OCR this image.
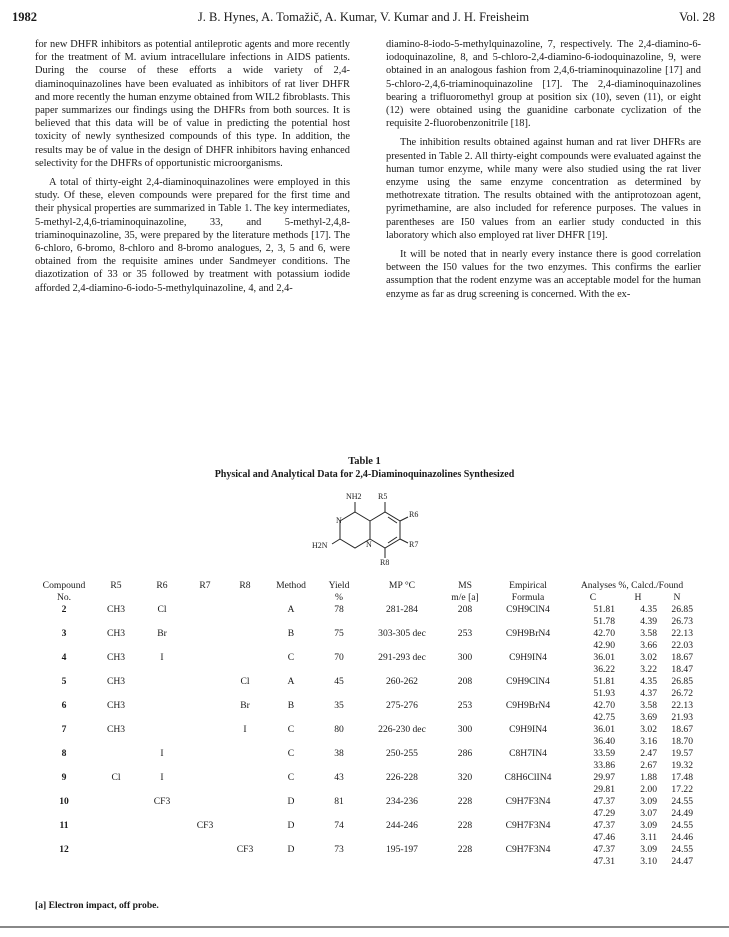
1982	J. B. Hynes, A. Tomažič, A. Kumar, V. Kumar and J. H. Freisheim	Vol. 28

for new DHFR inhibitors as potential antileprotic agents and more recently for the treatment of M. avium intracellulare infections in AIDS patients. During the course of these efforts a wide variety of 2,4-diaminoquinazolines have been evaluated as inhibitors of rat liver DHFR and more recently the human enzyme obtained from WIL2 fibroblasts. This paper summarizes our findings using the DHFRs from both sources. It is believed that this data will be of value in predicting the potential host toxicity of newly synthesized compounds of this type. In addition, the results may be of value in the design of DHFR inhibitors having enhanced selectivity for the DHFRs of opportunistic microorganisms.

A total of thirty-eight 2,4-diaminoquinazolines were employed in this study. Of these, eleven compounds were prepared for the first time and their physical properties are summarized in Table 1. The key intermediates, 5-methyl-2,4,6-triaminoquinazoline, 33, and 5-methyl-2,4,8-triaminoquinazoline, 35, were prepared by the literature methods [17]. The 6-chloro, 6-bromo, 8-chloro and 8-bromo analogues, 2, 3, 5 and 6, were obtained from the requisite amines under Sandmeyer conditions. The diazotization of 33 or 35 followed by treatment with potassium iodide afforded 2,4-diamino-6-iodo-5-methylquinazoline, 4, and 2,4-

diamino-8-iodo-5-methylquinazoline, 7, respectively. The 2,4-diamino-6-iodoquinazoline, 8, and 5-chloro-2,4-diamino-6-iodoquinazoline, 9, were obtained in an analogous fashion from 2,4,6-triaminoquinazoline [17] and 5-chloro-2,4,6-triaminoquinazoline [17]. The 2,4-diaminoquinazolines bearing a trifluoromethyl group at position six (10), seven (11), or eight (12) were obtained using the guanidine carbonate cyclization of the requisite 2-fluorobenzonitrile [18].

The inhibition results obtained against human and rat liver DHFRs are presented in Table 2. All thirty-eight compounds were evaluated against the human tumor enzyme, while many were also studied using the rat liver enzyme using the same enzyme concentration as determined by methotrexate titration. The results obtained with the antiprotozoan agent, pyrimethamine, are also included for reference purposes. The values in parentheses are I50 values from an earlier study conducted in this laboratory which also employed rat liver DHFR [19].

It will be noted that in nearly every instance there is good correlation between the I50 values for the two enzymes. This confirms the earlier assumption that the rodent enzyme was an acceptable model for the human enzyme as far as drug screening is concerned. With the ex-

Table 1
Physical and Analytical Data for 2,4-Diaminoquinazolines Synthesized
NH2 R5
R6
R7
R8
H2N
N
N
Compound	R5	R6	R7	R8	Method	Yield	MP °C	MS	Empirical	Analyses %, Calcd./Found		
No.						%		m/e [a]	Formula	C	H	N
2	CH3	Cl			A	78	281-284	208	C9H9ClN4	51.81	4.35	26.85
										51.78	4.39	26.73
3	CH3	Br			B	75	303-305 dec	253	C9H9BrN4	42.70	3.58	22.13
										42.90	3.66	22.03
4	CH3	I			C	70	291-293 dec	300	C9H9IN4	36.01	3.02	18.67
										36.22	3.22	18.47
5	CH3			Cl	A	45	260-262	208	C9H9ClN4	51.81	4.35	26.85
										51.93	4.37	26.72
6	CH3			Br	B	35	275-276	253	C9H9BrN4	42.70	3.58	22.13
										42.75	3.69	21.93
7	CH3			I	C	80	226-230 dec	300	C9H9IN4	36.01	3.02	18.67
										36.40	3.16	18.70
8		I			C	38	250-255	286	C8H7IN4	33.59	2.47	19.57
										33.86	2.67	19.32
9	Cl	I			C	43	226-228	320	C8H6ClIN4	29.97	1.88	17.48
										29.81	2.00	17.22
10		CF3			D	81	234-236	228	C9H7F3N4	47.37	3.09	24.55
										47.29	3.07	24.49
11			CF3		D	74	244-246	228	C9H7F3N4	47.37	3.09	24.55
										47.46	3.11	24.46
12				CF3	D	73	195-197	228	C9H7F3N4	47.37	3.09	24.55
										47.31	3.10	24.47
[a] Electron impact, off probe.
